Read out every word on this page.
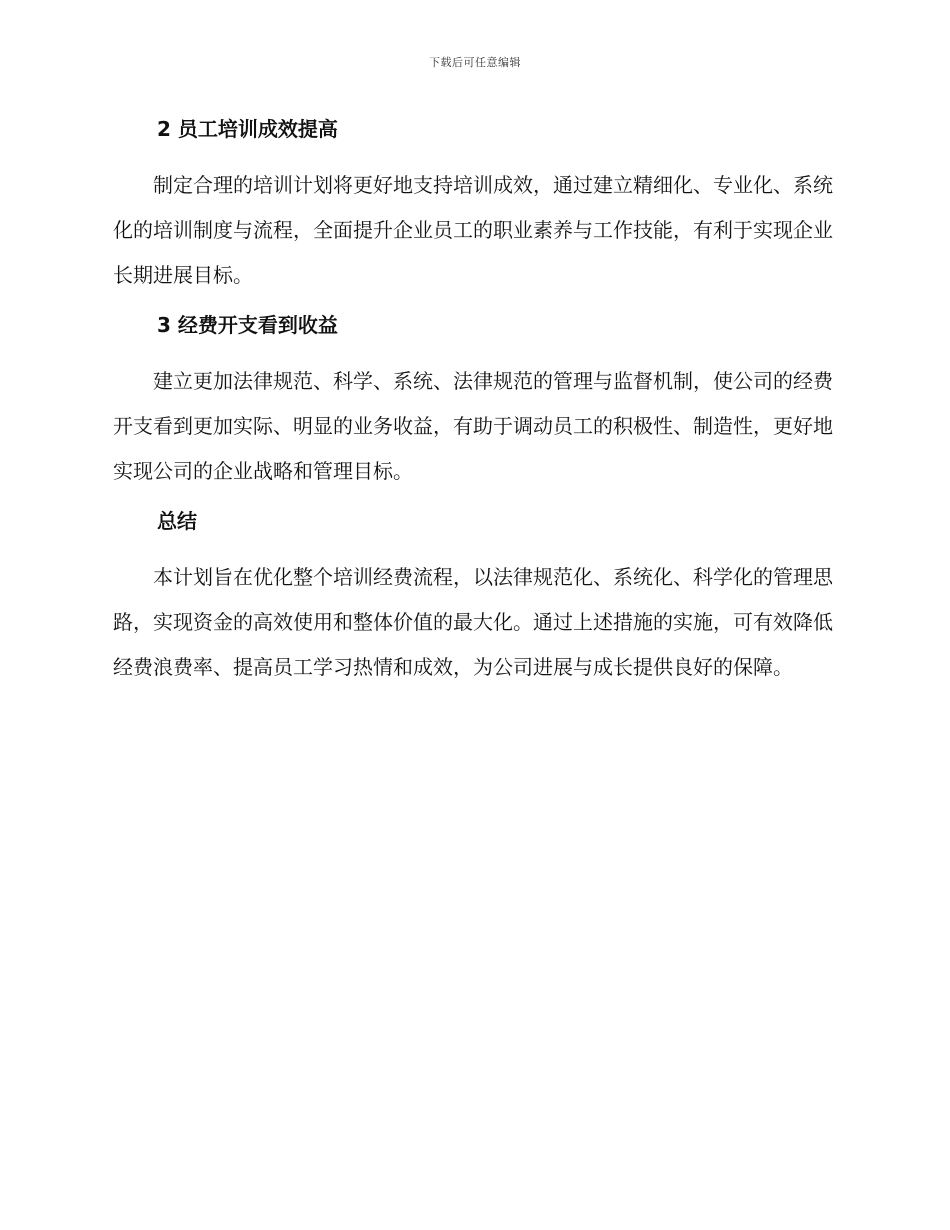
下载后可任意编辑
2 员工培训成效提高

制定合理的培训计划将更好地支持培训成效，通过建立精细化、专业化、系统化的培训制度与流程，全面提升企业员工的职业素养与工作技能，有利于实现企业长期进展目标。

3 经费开支看到收益

建立更加法律规范、科学、系统、法律规范的管理与监督机制，使公司的经费开支看到更加实际、明显的业务收益，有助于调动员工的积极性、制造性，更好地实现公司的企业战略和管理目标。

总结

本计划旨在优化整个培训经费流程，以法律规范化、系统化、科学化的管理思路，实现资金的高效使用和整体价值的最大化。通过上述措施的实施，可有效降低经费浪费率、提高员工学习热情和成效，为公司进展与成长提供良好的保障。
